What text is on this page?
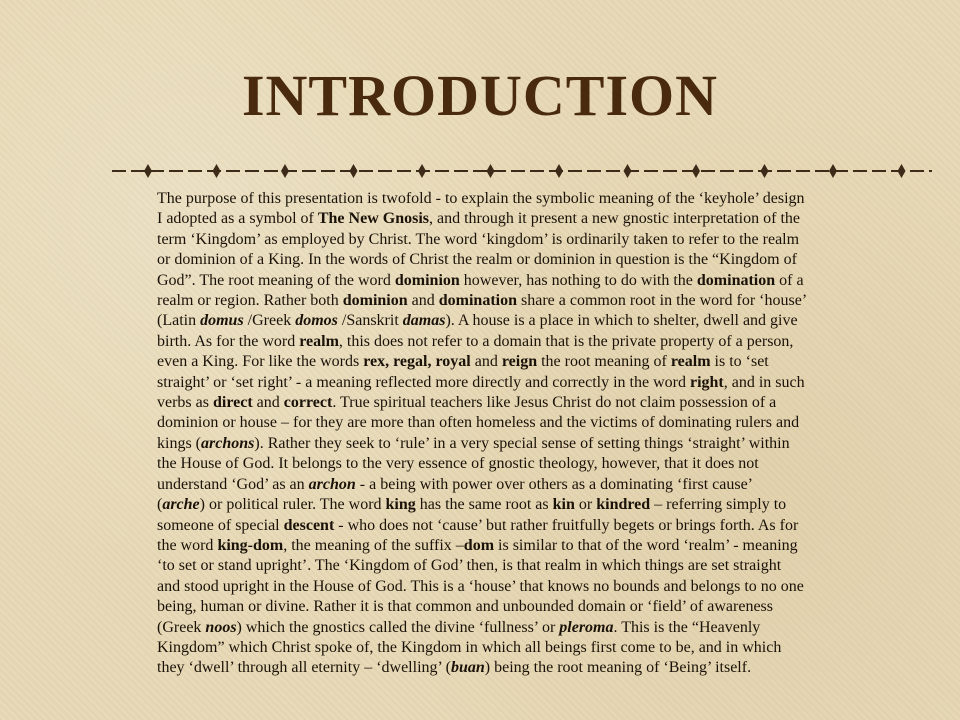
INTRODUCTION
The purpose of this presentation is twofold - to explain the symbolic meaning of the ‘keyhole’ design
I adopted as a symbol of The New Gnosis, and through it present a new gnostic interpretation of the
term ‘Kingdom’ as employed by Christ. The word ‘kingdom’ is ordinarily taken to refer to the realm
or dominion of a King. In the words of Christ the realm or dominion in question is the “Kingdom of
God”. The root meaning of the word dominion however, has nothing to do with the domination of a
realm or region. Rather both dominion and domination share a common root in the word for ‘house’
(Latin domus /Greek domos /Sanskrit damas). A house is a place in which to shelter, dwell and give
birth. As for the word realm, this does not refer to a domain that is the private property of a person,
even a King. For like the words rex, regal, royal and reign the root meaning of realm is to ‘set
straight’ or ‘set right’ - a meaning reflected more directly and correctly in the word right, and in such
verbs as direct and correct. True spiritual teachers like Jesus Christ do not claim possession of a
dominion or house – for they are more than often homeless and the victims of dominating rulers and
kings (archons). Rather they seek to ‘rule’ in a very special sense of setting things ‘straight’ within
the House of God. It belongs to the very essence of gnostic theology, however, that it does not
understand ‘God’ as an archon - a being with power over others as a dominating ‘first cause’
(arche) or political ruler. The word king has the same root as kin or kindred – referring simply to
someone of special descent - who does not ‘cause’ but rather fruitfully begets or brings forth. As for
the word king-dom, the meaning of the suffix –dom is similar to that of the word ‘realm’ - meaning
‘to set or stand upright’. The ‘Kingdom of God’ then, is that realm in which things are set straight
and stood upright in the House of God. This is a ‘house’ that knows no bounds and belongs to no one
being, human or divine. Rather it is that common and unbounded domain or ‘field’ of awareness
(Greek noos) which the gnostics called the divine ‘fullness’ or pleroma. This is the “Heavenly
Kingdom” which Christ spoke of, the Kingdom in which all beings first come to be, and in which
they ‘dwell’ through all eternity – ‘dwelling’ (buan) being the root meaning of ‘Being’ itself.
